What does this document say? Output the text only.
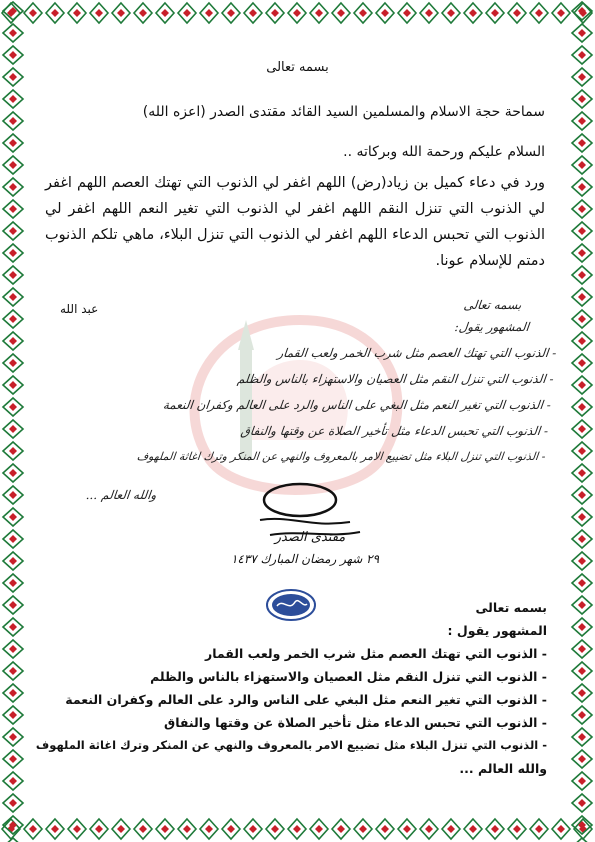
بسمه تعالى
سماحة حجة الاسلام والمسلمين السيد القائد مقتدى الصدر (اعزه الله)
السلام عليكم ورحمة الله وبركاته ..
ورد في دعاء كميل بن زياد(رض) اللهم اغفر لي الذنوب التي تهتك العصم اللهم اغفر لي الذنوب التي تنزل النقم اللهم اغفر لي الذنوب التي تغير النعم اللهم اغفر لي الذنوب التي تحبس الدعاء اللهم اغفر لي الذنوب التي تنزل البلاء، ماهي تلكم الذنوب دمتم للإسلام عونا.
عبد الله	بسمه تعالى
المشهور يقول:
- الذنوب التي تهتك العصم مثل شرب الخمر ولعب القمار
- الذنوب التي تنزل النقم مثل العصيان والاستهزاء بالناس والظلم
- الذنوب التي تغير النعم مثل البغي على الناس والرد على العالم وكفران النعمة
- الذنوب التي تحبس الدعاء مثل تأخير الصلاة عن وقتها والنفاق
- الذنوب التي تنزل البلاء مثل تضييع الامر بالمعروف والنهي عن المنكر وترك اغاثة الملهوف
والله العالم ...
مقتدى الصدر
٢٩ شهر رمضان المبارك ١٤٣٧
بسمه تعالى
المشهور يقول :
- الذنوب التي تهتك العصم مثل شرب الخمر ولعب القمار
- الذنوب التي تنزل النقم مثل العصيان والاستهزاء بالناس والظلم
- الذنوب التي تغير النعم مثل البغي على الناس والرد على العالم وكفران النعمة
- الذنوب التي تحبس الدعاء مثل تأخير الصلاة عن وقتها والنفاق
- الذنوب التي تنزل البلاء مثل تضييع الامر بالمعروف والنهي عن المنكر وترك اغاثة الملهوف
والله العالم ...
